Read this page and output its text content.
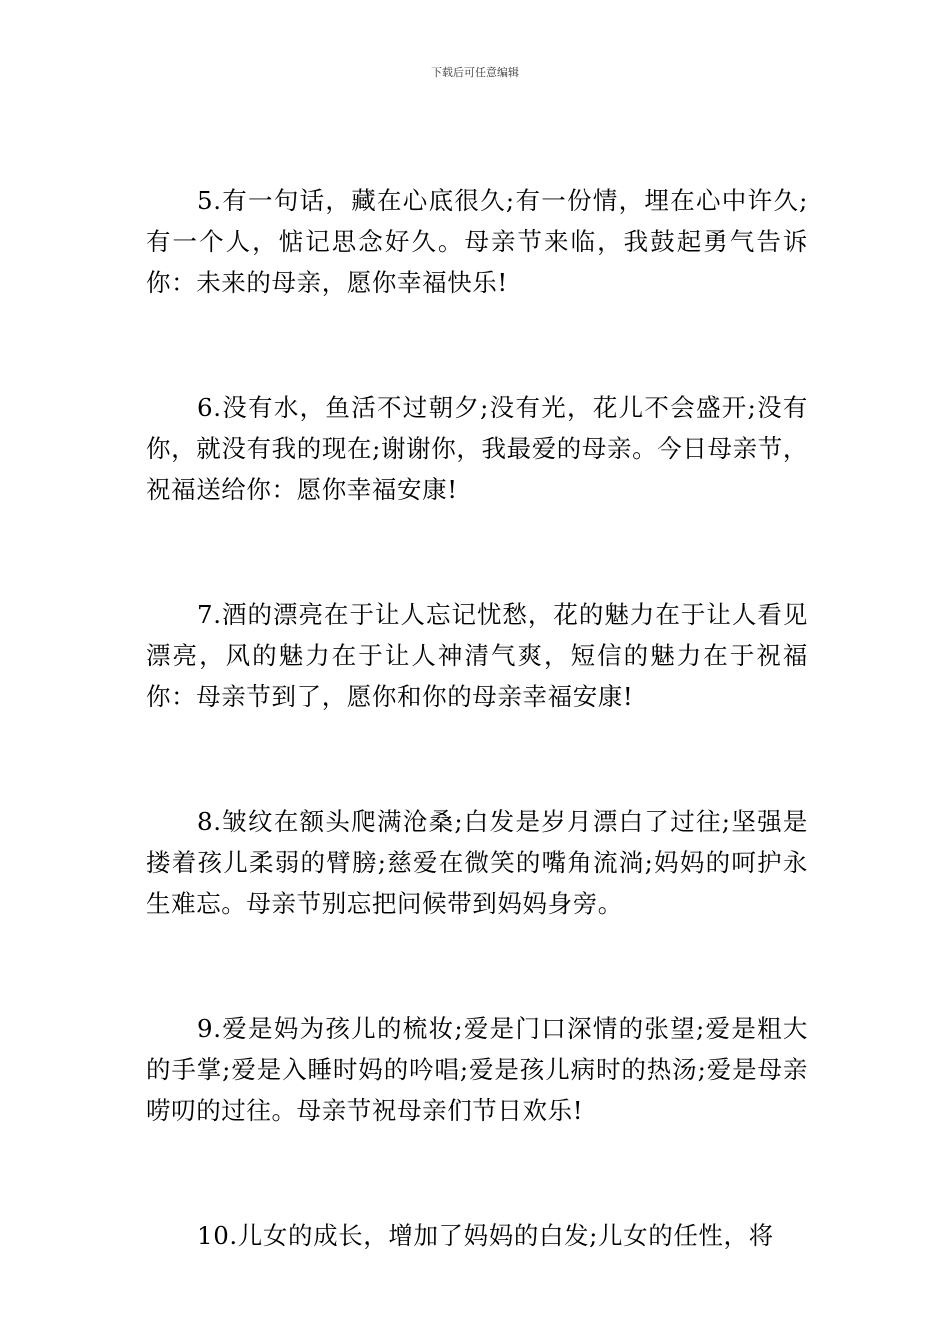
下载后可任意编辑

5.有一句话，藏在心底很久;有一份情，埋在心中许久;有一个人，惦记思念好久。母亲节来临，我鼓起勇气告诉你：未来的母亲，愿你幸福快乐!

6.没有水，鱼活不过朝夕;没有光，花儿不会盛开;没有你，就没有我的现在;谢谢你，我最爱的母亲。今日母亲节，祝福送给你：愿你幸福安康!

7.酒的漂亮在于让人忘记忧愁，花的魅力在于让人看见漂亮，风的魅力在于让人神清气爽，短信的魅力在于祝福你：母亲节到了，愿你和你的母亲幸福安康!

8.皱纹在额头爬满沧桑;白发是岁月漂白了过往;坚强是搂着孩儿柔弱的臂膀;慈爱在微笑的嘴角流淌;妈妈的呵护永生难忘。母亲节别忘把问候带到妈妈身旁。

9.爱是妈为孩儿的梳妆;爱是门口深情的张望;爱是粗大的手掌;爱是入睡时妈的吟唱;爱是孩儿病时的热汤;爱是母亲唠叨的过往。母亲节祝母亲们节日欢乐!

10.儿女的成长，增加了妈妈的白发;儿女的任性，将
